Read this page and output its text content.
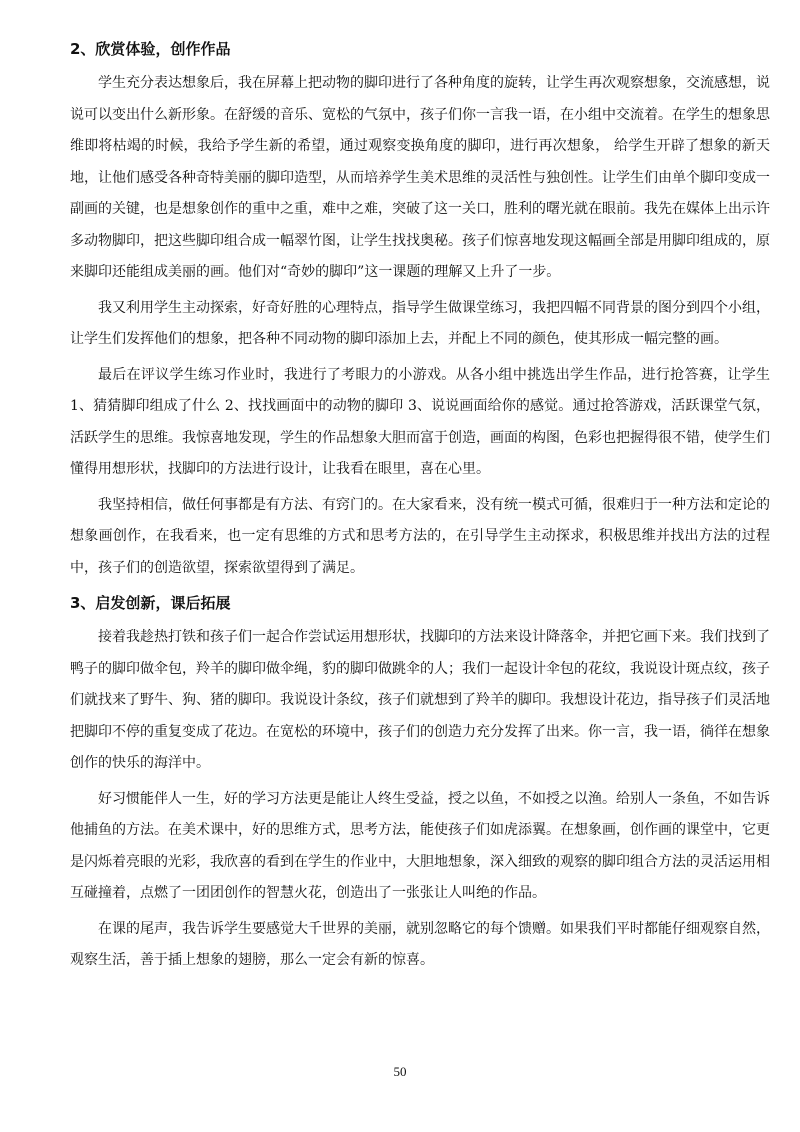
2、欣赏体验，创作作品

学生充分表达想象后，我在屏幕上把动物的脚印进行了各种角度的旋转，让学生再次观察想象，交流感想，说说可以变出什么新形象。在舒缓的音乐、宽松的气氛中，孩子们你一言我一语，在小组中交流着。在学生的想象思维即将枯竭的时候，我给予学生新的希望，通过观察变换角度的脚印，进行再次想象， 给学生开辟了想象的新天地，让他们感受各种奇特美丽的脚印造型，从而培养学生美术思维的灵活性与独创性。让学生们由单个脚印变成一副画的关键，也是想象创作的重中之重，难中之难，突破了这一关口，胜利的曙光就在眼前。我先在媒体上出示许多动物脚印，把这些脚印组合成一幅翠竹图，让学生找找奥秘。孩子们惊喜地发现这幅画全部是用脚印组成的，原来脚印还能组成美丽的画。他们对“奇妙的脚印”这一课题的理解又上升了一步。

我又利用学生主动探索，好奇好胜的心理特点，指导学生做课堂练习，我把四幅不同背景的图分到四个小组，让学生们发挥他们的想象，把各种不同动物的脚印添加上去，并配上不同的颜色，使其形成一幅完整的画。

最后在评议学生练习作业时，我进行了考眼力的小游戏。从各小组中挑选出学生作品，进行抢答赛，让学生 1、猜猜脚印组成了什么 2、找找画面中的动物的脚印 3、说说画面给你的感觉。通过抢答游戏，活跃课堂气氛，活跃学生的思维。我惊喜地发现，学生的作品想象大胆而富于创造，画面的构图，色彩也把握得很不错，使学生们懂得用想形状，找脚印的方法进行设计，让我看在眼里，喜在心里。

我坚持相信，做任何事都是有方法、有窍门的。在大家看来，没有统一模式可循，很难归于一种方法和定论的想象画创作，在我看来，也一定有思维的方式和思考方法的，在引导学生主动探求，积极思维并找出方法的过程中，孩子们的创造欲望，探索欲望得到了满足。

3、启发创新，课后拓展

接着我趁热打铁和孩子们一起合作尝试运用想形状，找脚印的方法来设计降落伞，并把它画下来。我们找到了鸭子的脚印做伞包，羚羊的脚印做伞绳，豹的脚印做跳伞的人；我们一起设计伞包的花纹，我说设计斑点纹，孩子们就找来了野牛、狗、猪的脚印。我说设计条纹，孩子们就想到了羚羊的脚印。我想设计花边，指导孩子们灵活地把脚印不停的重复变成了花边。在宽松的环境中，孩子们的创造力充分发挥了出来。你一言，我一语，徜徉在想象创作的快乐的海洋中。

好习惯能伴人一生，好的学习方法更是能让人终生受益，授之以鱼，不如授之以渔。给别人一条鱼，不如告诉他捕鱼的方法。在美术课中，好的思维方式，思考方法，能使孩子们如虎添翼。在想象画，创作画的课堂中，它更是闪烁着亮眼的光彩，我欣喜的看到在学生的作业中，大胆地想象，深入细致的观察的脚印组合方法的灵活运用相互碰撞着，点燃了一团团创作的智慧火花，创造出了一张张让人叫绝的作品。

在课的尾声，我告诉学生要感觉大千世界的美丽，就别忽略它的每个馈赠。如果我们平时都能仔细观察自然，观察生活，善于插上想象的翅膀，那么一定会有新的惊喜。

50
